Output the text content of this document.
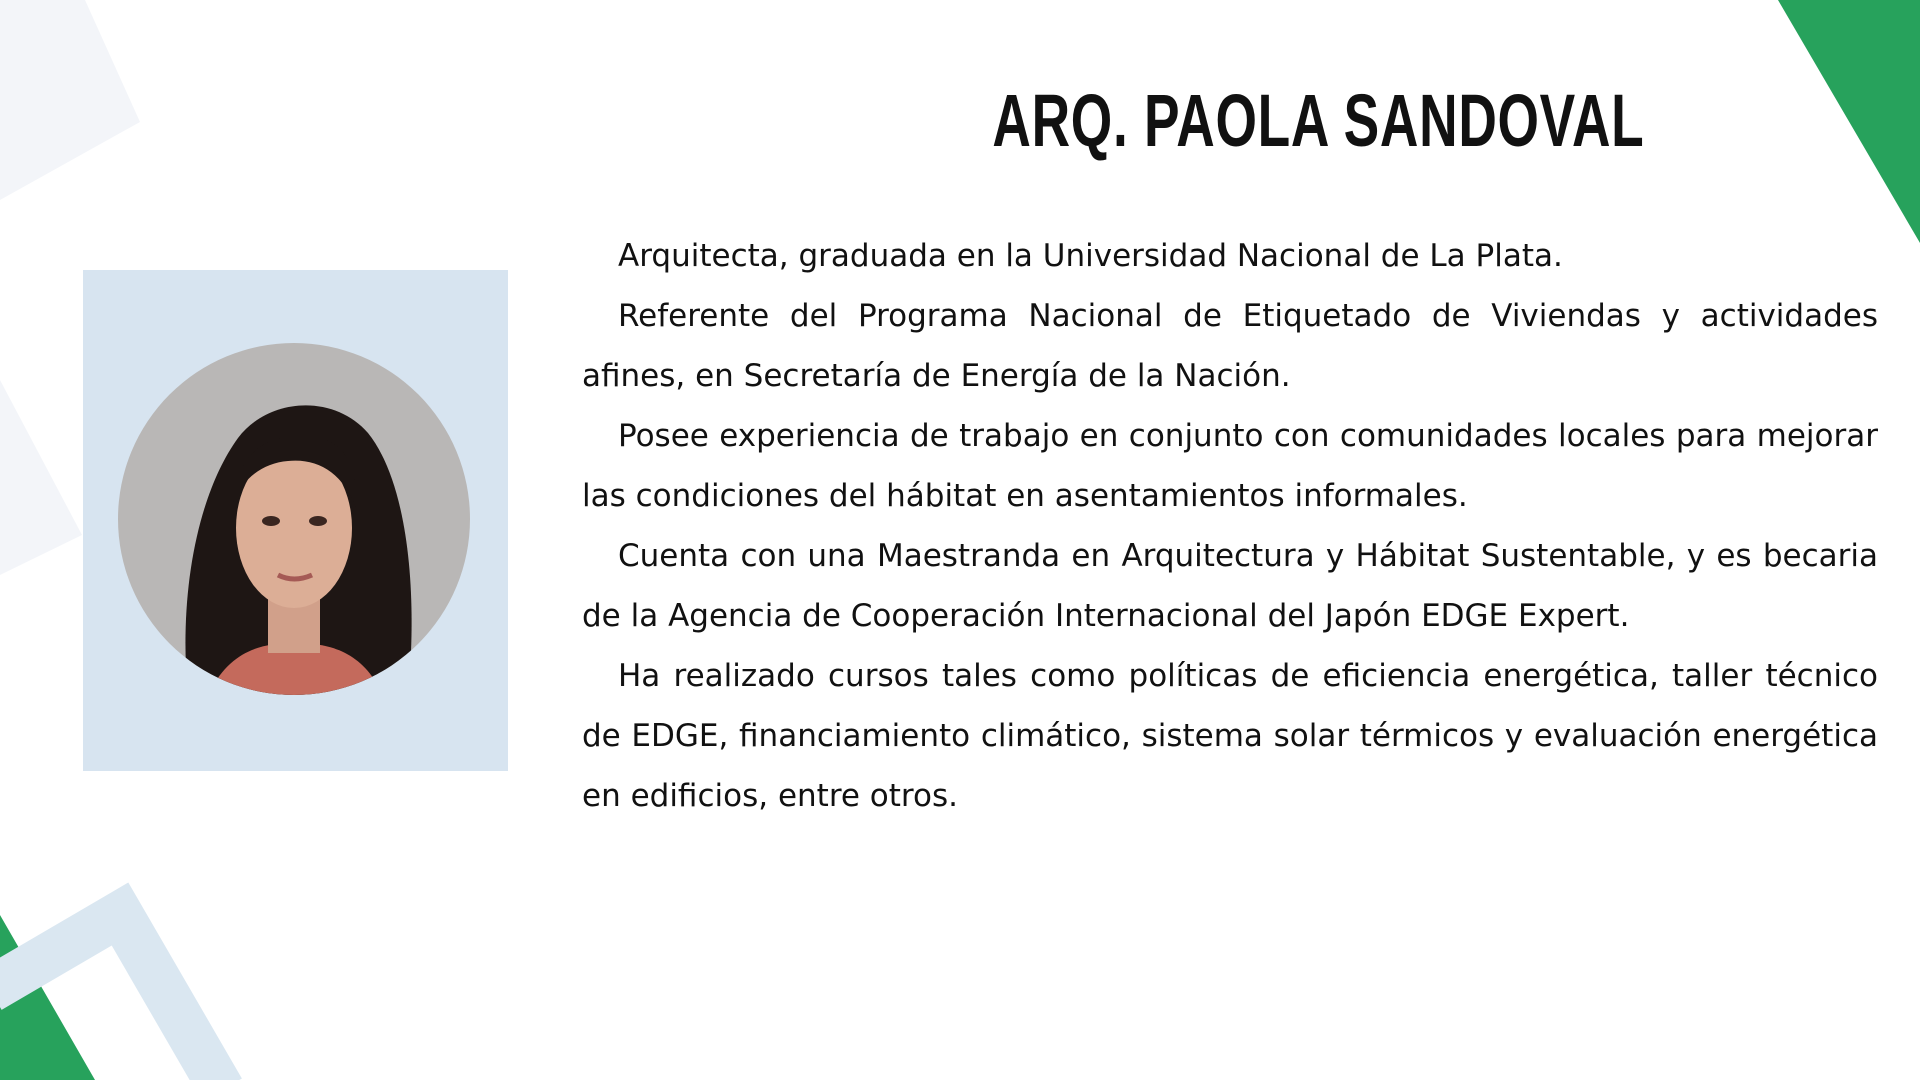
ARQ. PAOLA SANDOVAL

Arquitecta, graduada en la Universidad Nacional de La Plata.

Referente del Programa Nacional de Etiquetado de Viviendas y actividades afines, en Secretaría de Energía de la Nación.

Posee experiencia de trabajo en conjunto con comunidades locales para mejorar las condiciones del hábitat en asentamientos informales.

Cuenta con una Maestranda en Arquitectura y Hábitat Sustentable, y es becaria de la Agencia de Cooperación Internacional del Japón EDGE Expert.

Ha realizado cursos tales como políticas de eficiencia energética, taller técnico de EDGE, financiamiento climático, sistema solar térmicos y evaluación energética en edificios, entre otros.
